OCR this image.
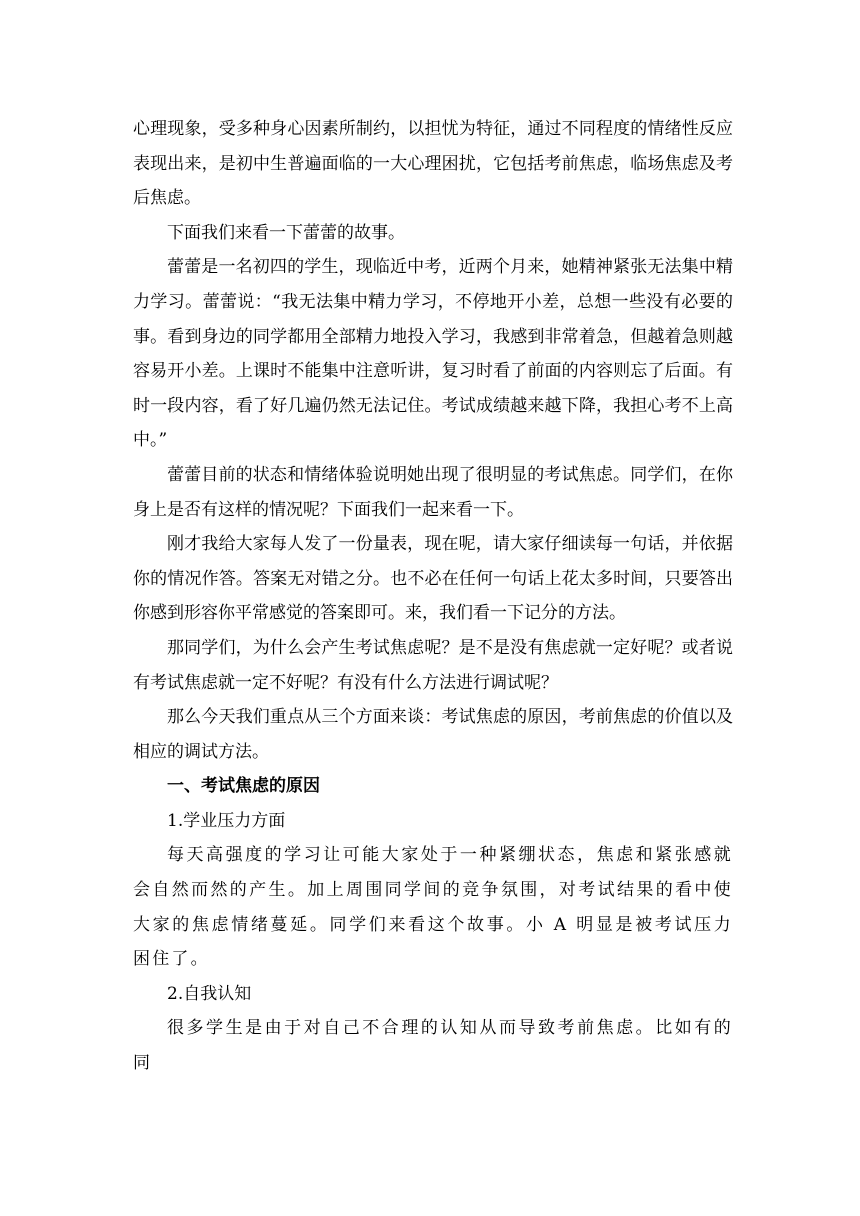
心理现象，受多种身心因素所制约，以担忧为特征，通过不同程度的情绪性反应表现出来，是初中生普遍面临的一大心理困扰，它包括考前焦虑，临场焦虑及考后焦虑。

下面我们来看一下蕾蕾的故事。

蕾蕾是一名初四的学生，现临近中考，近两个月来，她精神紧张无法集中精力学习。蕾蕾说：“我无法集中精力学习，不停地开小差，总想一些没有必要的事。看到身边的同学都用全部精力地投入学习，我感到非常着急，但越着急则越容易开小差。上课时不能集中注意听讲，复习时看了前面的内容则忘了后面。有时一段内容，看了好几遍仍然无法记住。考试成绩越来越下降，我担心考不上高中。”

蕾蕾目前的状态和情绪体验说明她出现了很明显的考试焦虑。同学们，在你身上是否有这样的情况呢？下面我们一起来看一下。

刚才我给大家每人发了一份量表，现在呢，请大家仔细读每一句话，并依据你的情况作答。答案无对错之分。也不必在任何一句话上花太多时间，只要答出你感到形容你平常感觉的答案即可。来，我们看一下记分的方法。

那同学们，为什么会产生考试焦虑呢？是不是没有焦虑就一定好呢？或者说有考试焦虑就一定不好呢？有没有什么方法进行调试呢？

那么今天我们重点从三个方面来谈：考试焦虑的原因，考前焦虑的价值以及相应的调试方法。

一、考试焦虑的原因

1.学业压力方面

每天高强度的学习让可能大家处于一种紧绷状态，焦虑和紧张感就会自然而然的产生。加上周围同学间的竞争氛围，对考试结果的看中使大家的焦虑情绪蔓延。同学们来看这个故事。小 A 明显是被考试压力困住了。

2.自我认知

很多学生是由于对自己不合理的认知从而导致考前焦虑。比如有的同
